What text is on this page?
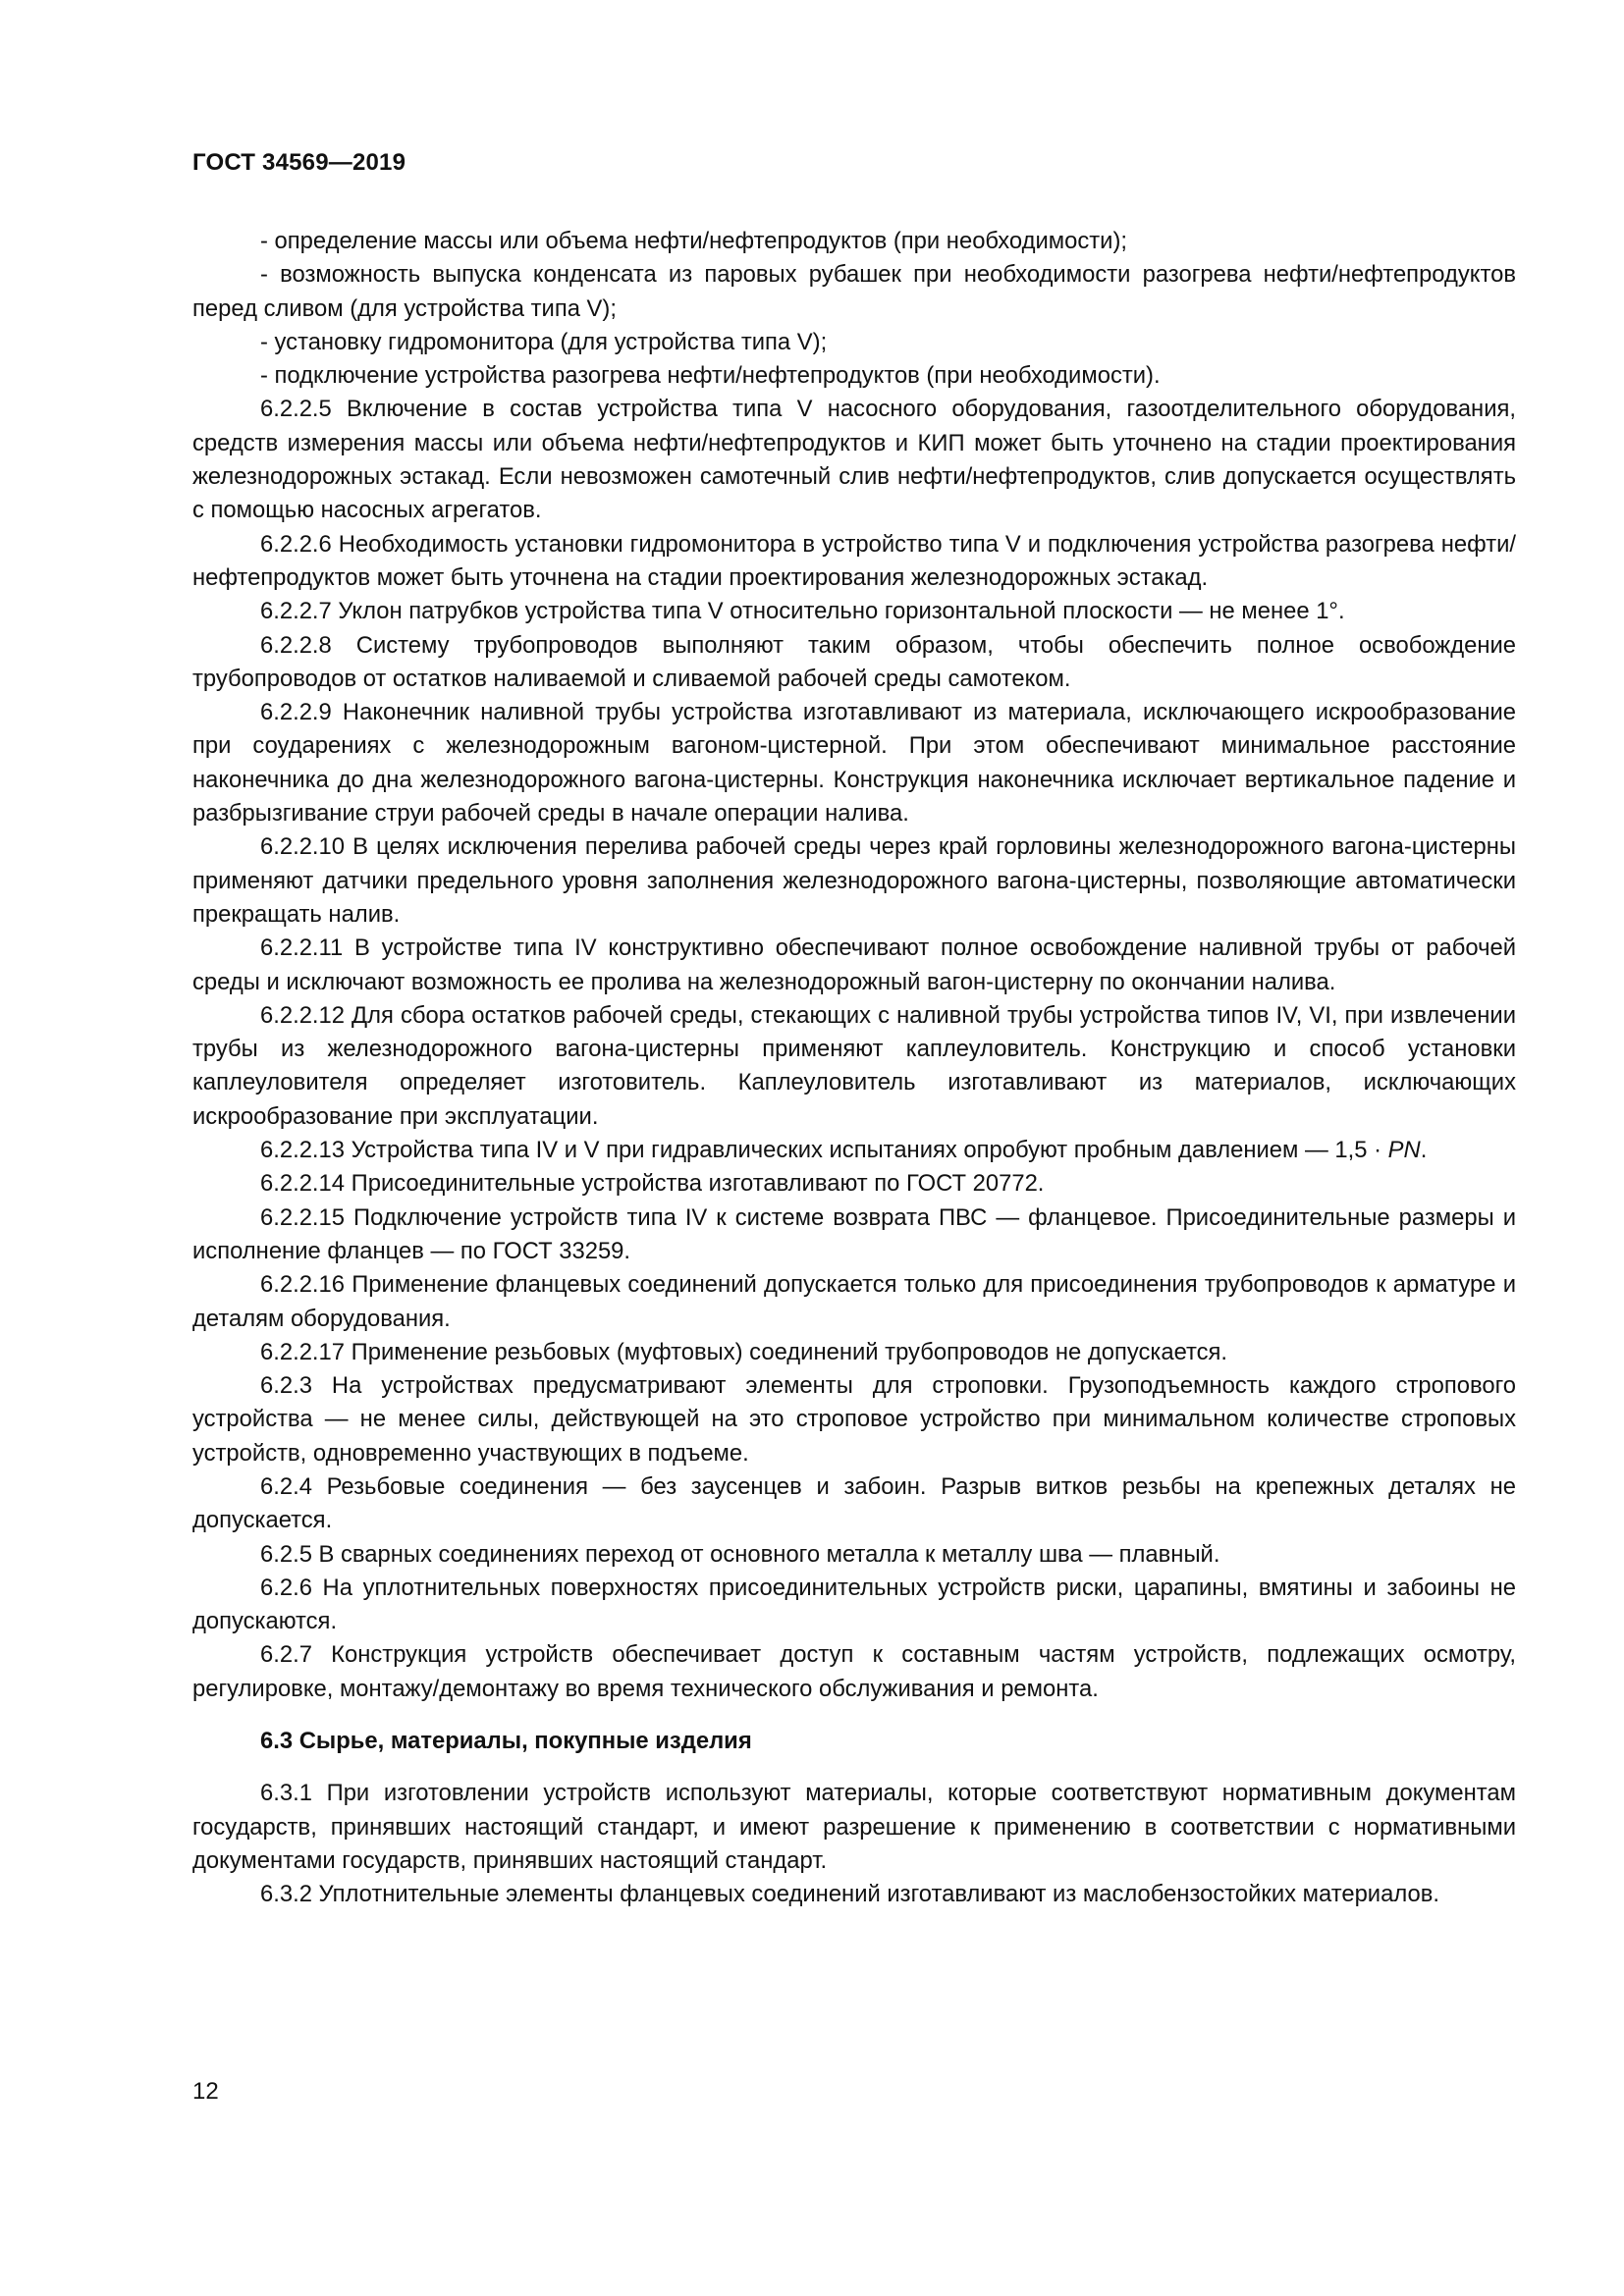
ГОСТ 34569—2019

- определение массы или объема нефти/нефтепродуктов (при необходимости);

- возможность выпуска конденсата из паровых рубашек при необходимости разогрева нефти/нефтепродуктов перед сливом (для устройства типа V);

- установку гидромонитора (для устройства типа V);

- подключение устройства разогрева нефти/нефтепродуктов (при необходимости).

6.2.2.5 Включение в состав устройства типа V насосного оборудования, газоотделительного оборудования, средств измерения массы или объема нефти/нефтепродуктов и КИП может быть уточнено на стадии проектирования железнодорожных эстакад. Если невозможен самотечный слив нефти/нефтепродуктов, слив допускается осуществлять с помощью насосных агрегатов.

6.2.2.6 Необходимость установки гидромонитора в устройство типа V и подключения устройства разогрева нефти/нефтепродуктов может быть уточнена на стадии проектирования железнодорожных эстакад.

6.2.2.7 Уклон патрубков устройства типа V относительно горизонтальной плоскости — не менее 1°.

6.2.2.8 Систему трубопроводов выполняют таким образом, чтобы обеспечить полное освобождение трубопроводов от остатков наливаемой и сливаемой рабочей среды самотеком.

6.2.2.9 Наконечник наливной трубы устройства изготавливают из материала, исключающего искрообразование при соударениях с железнодорожным вагоном-цистерной. При этом обеспечивают минимальное расстояние наконечника до дна железнодорожного вагона-цистерны. Конструкция наконечника исключает вертикальное падение и разбрызгивание струи рабочей среды в начале операции налива.

6.2.2.10 В целях исключения перелива рабочей среды через край горловины железнодорожного вагона-цистерны применяют датчики предельного уровня заполнения железнодорожного вагона-цистерны, позволяющие автоматически прекращать налив.

6.2.2.11 В устройстве типа IV конструктивно обеспечивают полное освобождение наливной трубы от рабочей среды и исключают возможность ее пролива на железнодорожный вагон-цистерну по окончании налива.

6.2.2.12 Для сбора остатков рабочей среды, стекающих с наливной трубы устройства типов IV, VI, при извлечении трубы из железнодорожного вагона-цистерны применяют каплеуловитель. Конструкцию и способ установки каплеуловителя определяет изготовитель. Каплеуловитель изготавливают из материалов, исключающих искрообразование при эксплуатации.

6.2.2.13 Устройства типа IV и V при гидравлических испытаниях опробуют пробным давлением — 1,5 · PN.

6.2.2.14 Присоединительные устройства изготавливают по ГОСТ 20772.

6.2.2.15 Подключение устройств типа IV к системе возврата ПВС — фланцевое. Присоединительные размеры и исполнение фланцев — по ГОСТ 33259.

6.2.2.16 Применение фланцевых соединений допускается только для присоединения трубопроводов к арматуре и деталям оборудования.

6.2.2.17 Применение резьбовых (муфтовых) соединений трубопроводов не допускается.

6.2.3 На устройствах предусматривают элементы для строповки. Грузоподъемность каждого стропового устройства — не менее силы, действующей на это строповое устройство при минимальном количестве строповых устройств, одновременно участвующих в подъеме.

6.2.4 Резьбовые соединения — без заусенцев и забоин. Разрыв витков резьбы на крепежных деталях не допускается.

6.2.5 В сварных соединениях переход от основного металла к металлу шва — плавный.

6.2.6 На уплотнительных поверхностях присоединительных устройств риски, царапины, вмятины и забоины не допускаются.

6.2.7 Конструкция устройств обеспечивает доступ к составным частям устройств, подлежащих осмотру, регулировке, монтажу/демонтажу во время технического обслуживания и ремонта.

6.3 Сырье, материалы, покупные изделия

6.3.1 При изготовлении устройств используют материалы, которые соответствуют нормативным документам государств, принявших настоящий стандарт, и имеют разрешение к применению в соответствии с нормативными документами государств, принявших настоящий стандарт.

6.3.2 Уплотнительные элементы фланцевых соединений изготавливают из маслобензостойких материалов.

12
